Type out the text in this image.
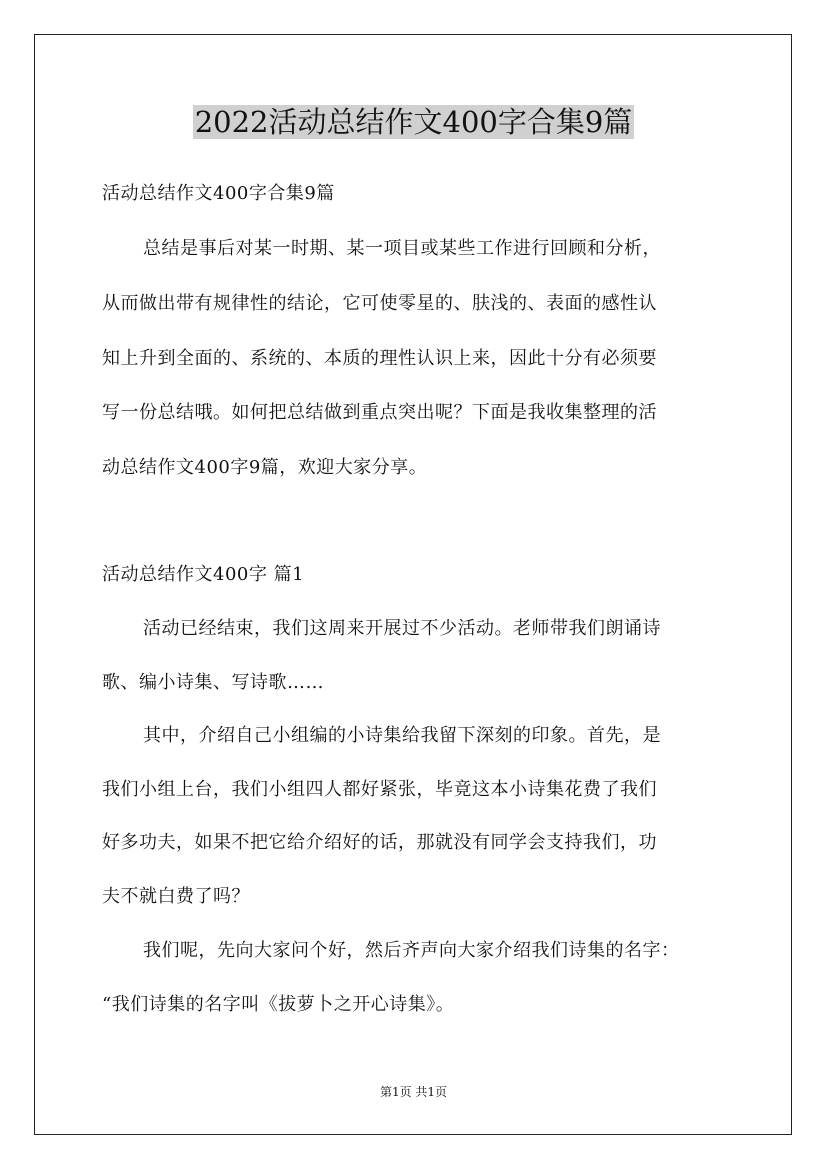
2022活动总结作文400字合集9篇
活动总结作文400字合集9篇
总结是事后对某一时期、某一项目或某些工作进行回顾和分析，
从而做出带有规律性的结论，它可使零星的、肤浅的、表面的感性认
知上升到全面的、系统的、本质的理性认识上来，因此十分有必须要
写一份总结哦。如何把总结做到重点突出呢？下面是我收集整理的活
动总结作文400字9篇，欢迎大家分享。
活动总结作文400字 篇1
活动已经结束，我们这周来开展过不少活动。老师带我们朗诵诗
歌、编小诗集、写诗歌……
其中，介绍自己小组编的小诗集给我留下深刻的印象。首先，是
我们小组上台，我们小组四人都好紧张，毕竟这本小诗集花费了我们
好多功夫，如果不把它给介绍好的话，那就没有同学会支持我们，功
夫不就白费了吗？
我们呢，先向大家问个好，然后齐声向大家介绍我们诗集的名字：
“我们诗集的名字叫《拔萝卜之开心诗集》。
第1页 共1页
